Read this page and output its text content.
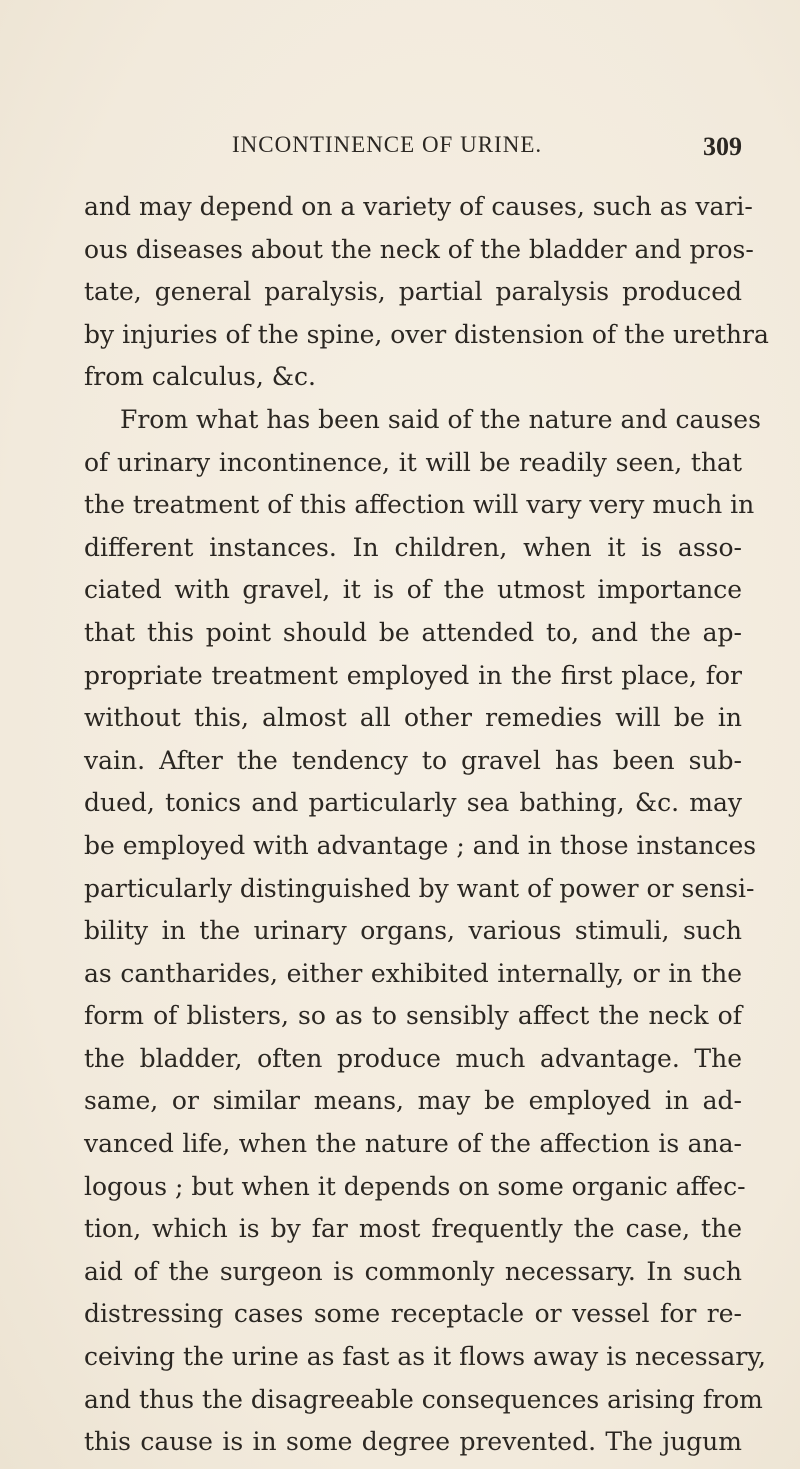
INCONTINENCE OF URINE.	309
and may depend on a variety of causes, such as vari-
ous diseases about the neck of the bladder and pros-
tate, general paralysis, partial paralysis produced
by injuries of the spine, over distension of the urethra
from calculus, &c.
From what has been said of the nature and causes
of urinary incontinence, it will be readily seen, that
the treatment of this affection will vary very much in
different instances. In children, when it is asso-
ciated with gravel, it is of the utmost importance
that this point should be attended to, and the ap-
propriate treatment employed in the first place, for
without this, almost all other remedies will be in
vain. After the tendency to gravel has been sub-
dued, tonics and particularly sea bathing, &c. may
be employed with advantage ; and in those instances
particularly distinguished by want of power or sensi-
bility in the urinary organs, various stimuli, such
as cantharides, either exhibited internally, or in the
form of blisters, so as to sensibly affect the neck of
the bladder, often produce much advantage. The
same, or similar means, may be employed in ad-
vanced life, when the nature of the affection is ana-
logous ; but when it depends on some organic affec-
tion, which is by far most frequently the case, the
aid of the surgeon is commonly necessary. In such
distressing cases some receptacle or vessel for re-
ceiving the urine as fast as it flows away is necessary,
and thus the disagreeable consequences arising from
this cause is in some degree prevented. The jugum
